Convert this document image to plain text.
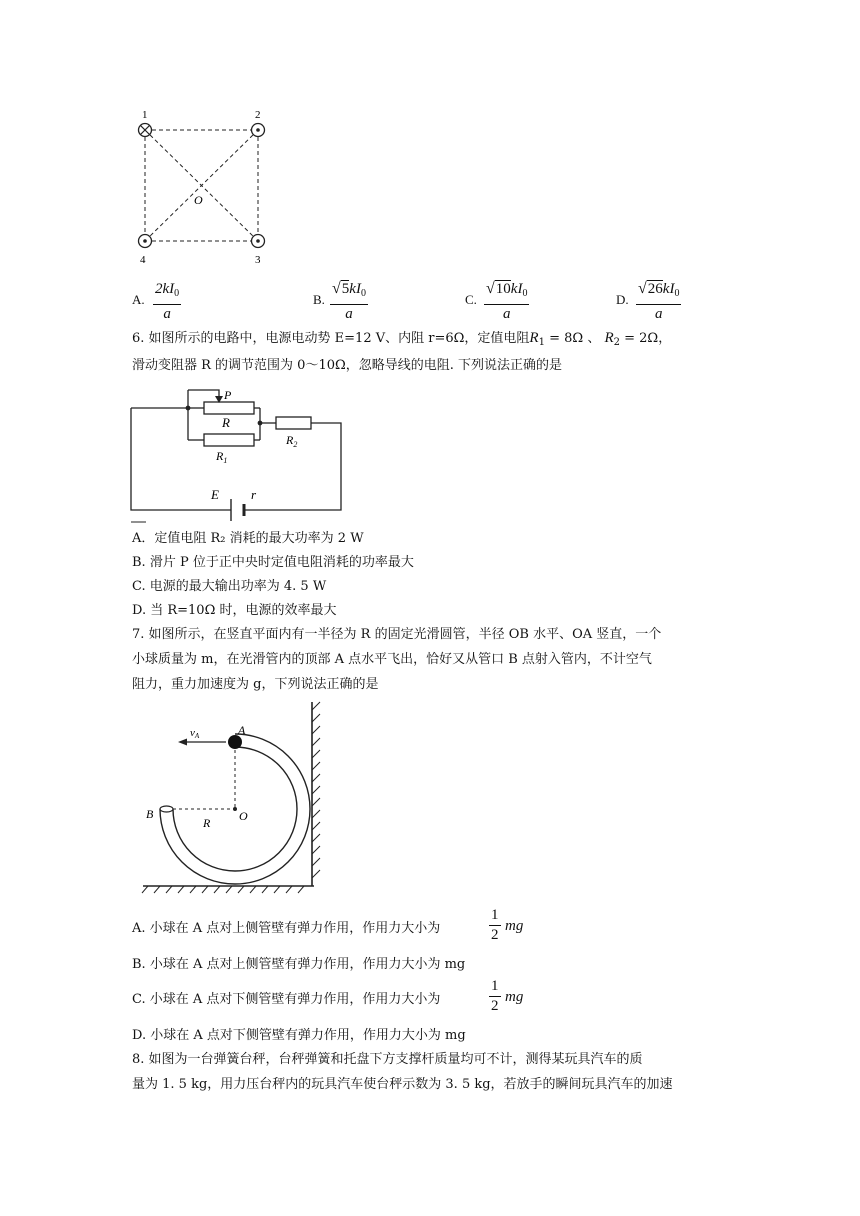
1	2
3
4
O
A. $\frac{2kI_0}{a}$	B. $\frac{√5kI_0}{a}$	C. $\frac{√10kI_0}{a}$	D. $\frac{√26kI_0}{a}$
6. 如图所示的电路中，电源电动势 E=12 V、内阻 r=6Ω，定值电阻$R_1 = 8\Omega$ 、 $R_2 = 2\Omega$，
滑动变阻器 R 的调节范围为 0～10Ω，忽略导线的电阻. 下列说法正确的是
P
R
$R_1$
$R_2$
E r
A．定值电阻 R₂ 消耗的最大功率为 2 W
B. 滑片 P 位于正中央时定值电阻消耗的功率最大
C. 电源的最大输出功率为 4. 5 W
D. 当 R=10Ω 时，电源的效率最大
7. 如图所示，在竖直平面内有一半径为 R 的固定光滑圆管，半径 OB 水平、OA 竖直，一个
小球质量为 m，在光滑管内的顶部 A 点水平飞出，恰好又从管口 B 点射入管内，不计空气
阻力，重力加速度为 g，下列说法正确的是
vA	A
B	O
R
A. 小球在 A 点对上侧管壁有弹力作用，作用力大小为	$\frac{1}{2}$ mg
B. 小球在 A 点对上侧管壁有弹力作用，作用力大小为 mg
C. 小球在 A 点对下侧管壁有弹力作用，作用力大小为	$\frac{1}{2}$ mg
D. 小球在 A 点对下侧管壁有弹力作用，作用力大小为 mg
8. 如图为一台弹簧台秤，台秤弹簧和托盘下方支撑杆质量均可不计，测得某玩具汽车的质
量为 1. 5 kg，用力压台秤内的玩具汽车使台秤示数为 3. 5 kg，若放手的瞬间玩具汽车的加速
